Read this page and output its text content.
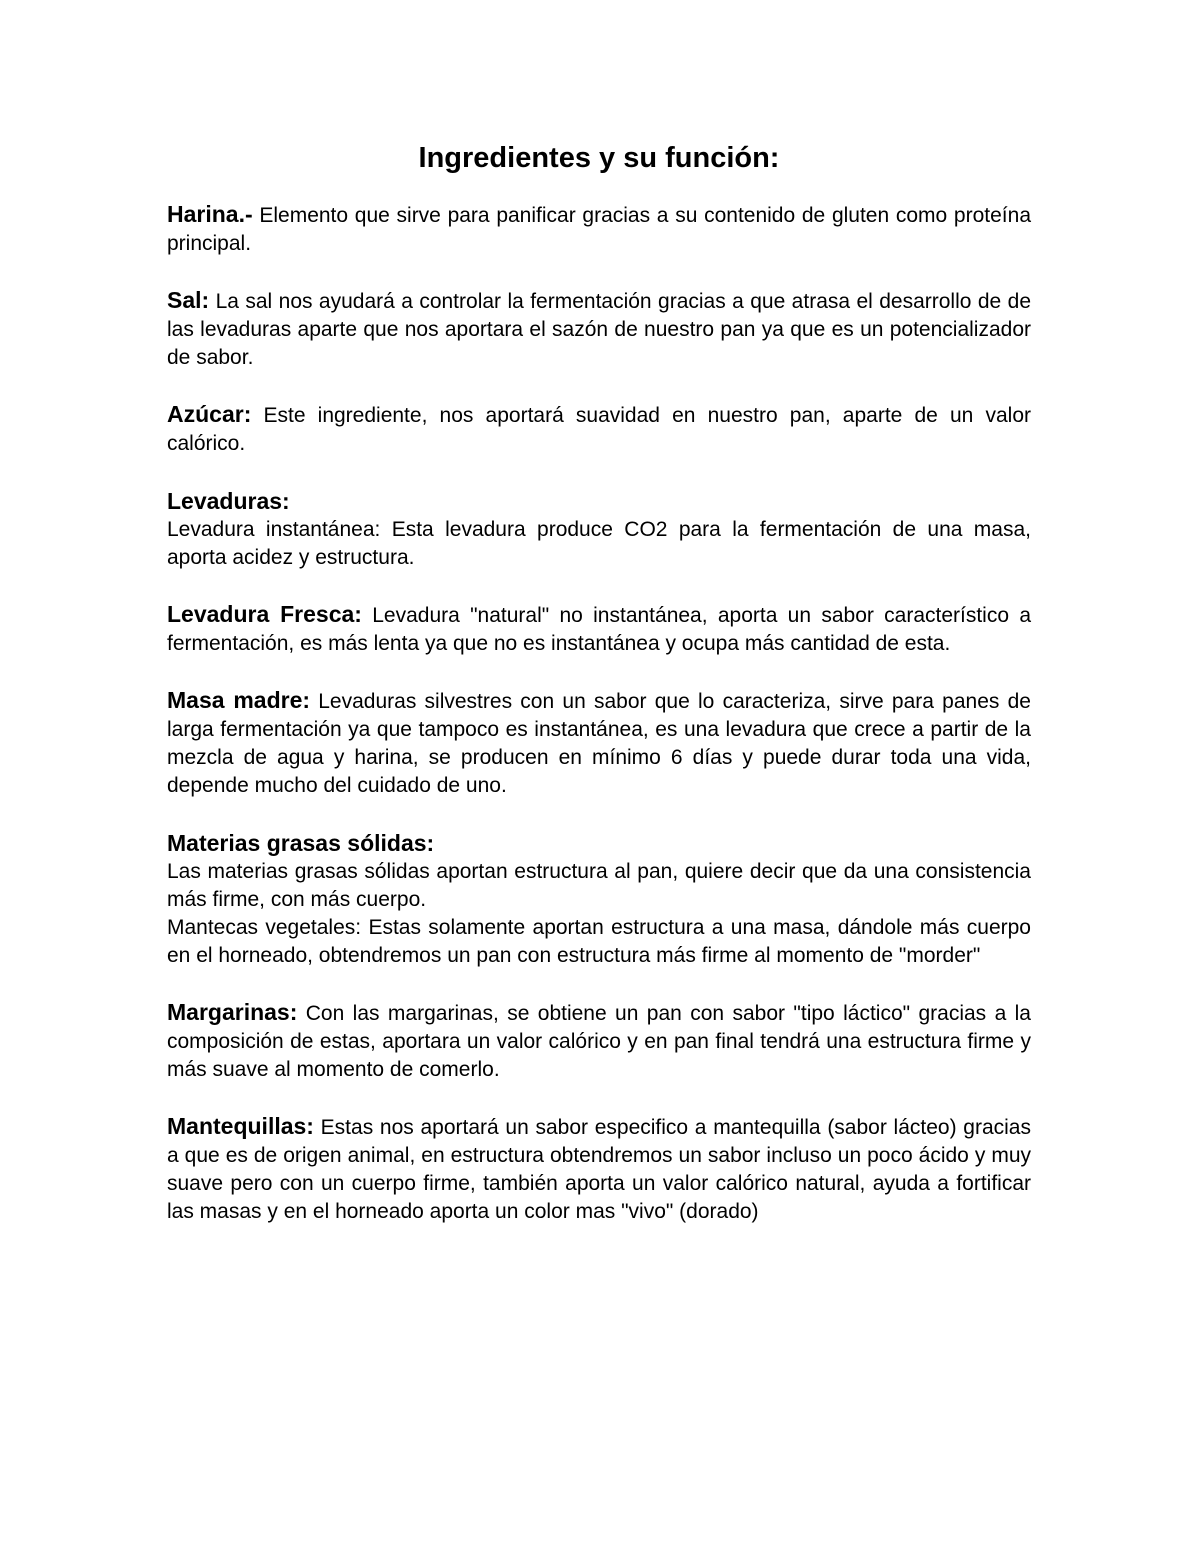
Ingredientes y su función:

Harina.- Elemento que sirve para panificar gracias a su contenido de gluten como proteína principal.

Sal: La sal nos ayudará a controlar la fermentación gracias a que atrasa el desarrollo de de las levaduras aparte que nos aportara el sazón de nuestro pan ya que es un potencializador de sabor.

Azúcar: Este ingrediente, nos aportará suavidad en nuestro pan, aparte de un valor calórico.

Levaduras:

Levadura instantánea: Esta levadura produce CO2 para la fermentación de una masa, aporta acidez y estructura.

Levadura Fresca: Levadura "natural" no instantánea, aporta un sabor característico a fermentación, es más lenta ya que no es instantánea y ocupa más cantidad de esta.

Masa madre: Levaduras silvestres con un sabor que lo caracteriza, sirve para panes de larga fermentación ya que tampoco es instantánea, es una levadura que crece a partir de la mezcla de agua y harina, se producen en mínimo 6 días y puede durar toda una vida, depende mucho del cuidado de uno.

Materias grasas sólidas:

Las materias grasas sólidas aportan estructura al pan, quiere decir que da una consistencia más firme, con más cuerpo.

Mantecas vegetales: Estas solamente aportan estructura a una masa, dándole más cuerpo en el horneado, obtendremos un pan con estructura más firme al momento de "morder"

Margarinas: Con las margarinas, se obtiene un pan con sabor "tipo láctico" gracias a la composición de estas, aportara un valor calórico y en pan final tendrá una estructura firme y más suave al momento de comerlo.

Mantequillas: Estas nos aportará un sabor especifico a mantequilla (sabor lácteo) gracias a que es de origen animal, en estructura obtendremos un sabor incluso un poco ácido y muy suave pero con un cuerpo firme, también aporta un valor calórico natural, ayuda a fortificar las masas y en el horneado aporta un color mas "vivo" (dorado)
